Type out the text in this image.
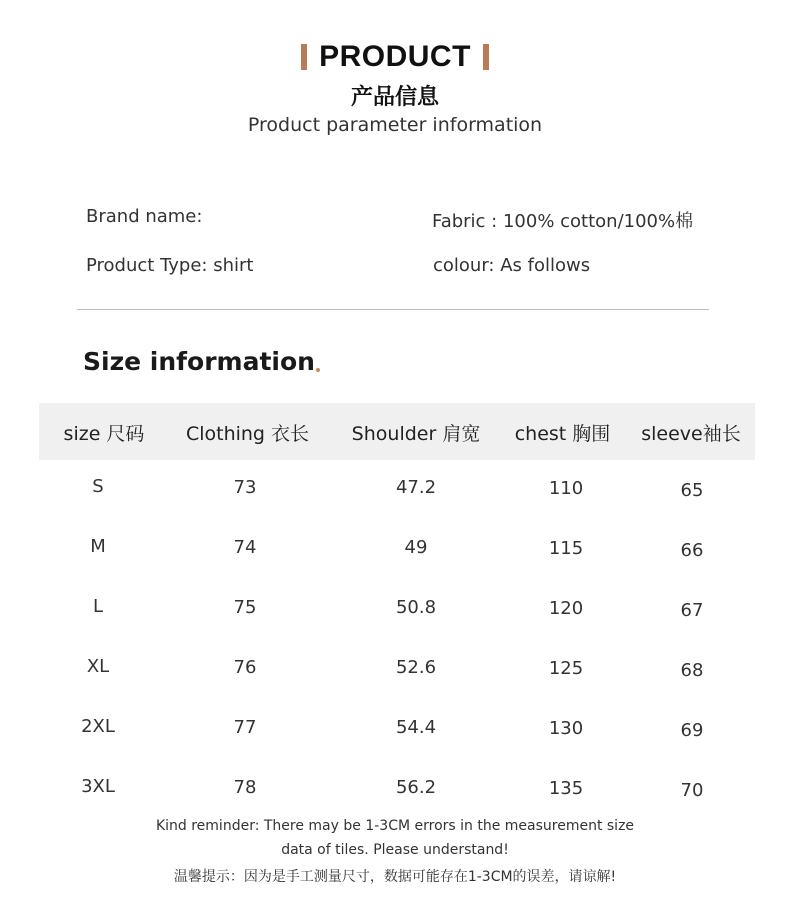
PRODUCT
产品信息
Product parameter information
Brand name:	Fabric : 100% cotton/100%棉
Product Type: shirt	colour: As follows
Size information
size 尺码	Clothing 衣长	Shoulder 肩宽	chest 胸围	sleeve袖长
S	73	47.2	110	65
M	74	49	115	66
L	75	50.8	120	67
XL	76	52.6	125	68
2XL	77	54.4	130	69
3XL	78	56.2	135	70
Kind reminder: There may be 1-3CM errors in the measurement size
data of tiles. Please understand!
温馨提示：因为是手工测量尺寸，数据可能存在1-3CM的误差，请谅解!
